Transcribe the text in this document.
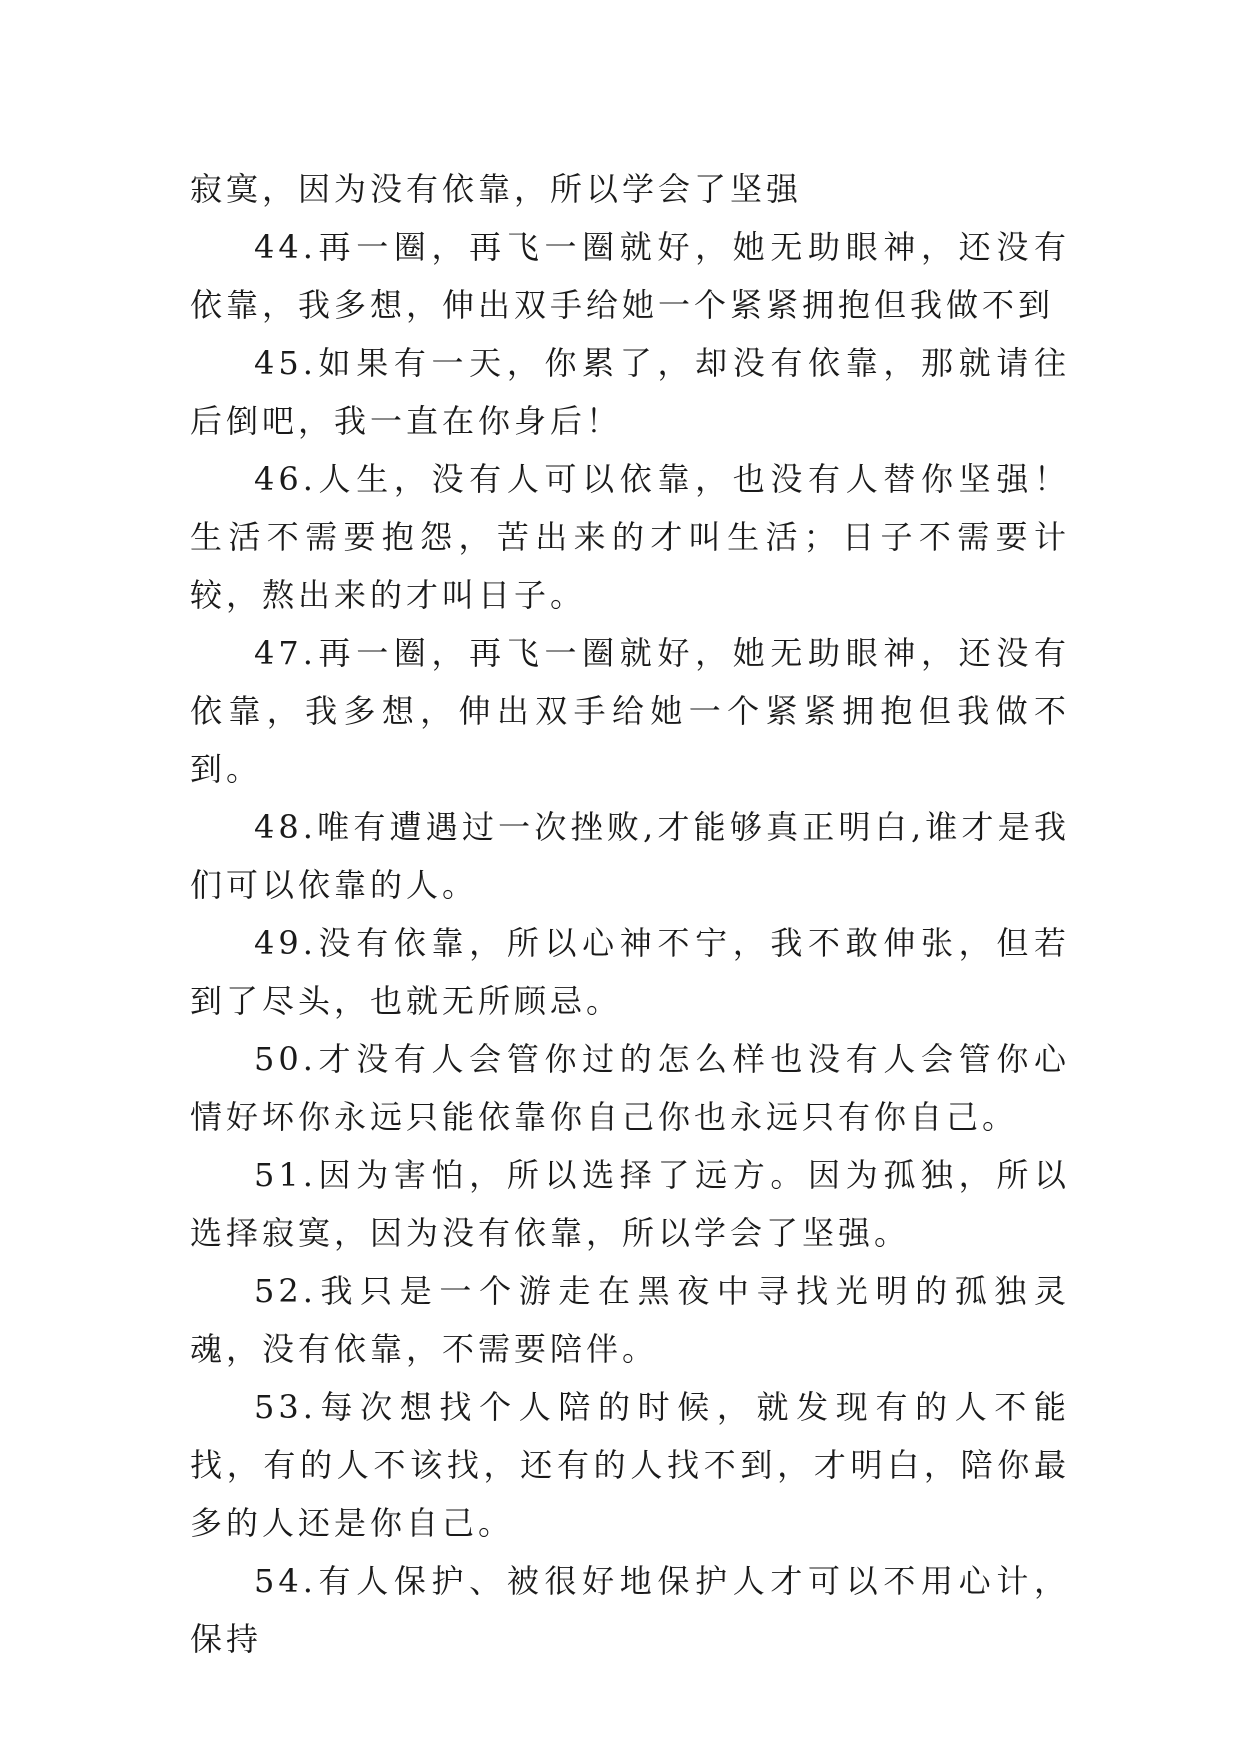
寂寞，因为没有依靠，所以学会了坚强

44.再一圈，再飞一圈就好，她无助眼神，还没有依靠，我多想，伸出双手给她一个紧紧拥抱但我做不到

45.如果有一天，你累了，却没有依靠，那就请往后倒吧，我一直在你身后！

46.人生，没有人可以依靠，也没有人替你坚强！生活不需要抱怨，苦出来的才叫生活；日子不需要计较，熬出来的才叫日子。

47.再一圈，再飞一圈就好，她无助眼神，还没有依靠，我多想，伸出双手给她一个紧紧拥抱但我做不到。

48.唯有遭遇过一次挫败,才能够真正明白,谁才是我们可以依靠的人。

49.没有依靠，所以心神不宁，我不敢伸张，但若到了尽头，也就无所顾忌。

50.才没有人会管你过的怎么样也没有人会管你心情好坏你永远只能依靠你自己你也永远只有你自己。

51.因为害怕，所以选择了远方。因为孤独，所以选择寂寞，因为没有依靠，所以学会了坚强。

52.我只是一个游走在黑夜中寻找光明的孤独灵魂，没有依靠，不需要陪伴。

53.每次想找个人陪的时候，就发现有的人不能找，有的人不该找，还有的人找不到，才明白，陪你最多的人还是你自己。

54.有人保护、被很好地保护人才可以不用心计，保持
